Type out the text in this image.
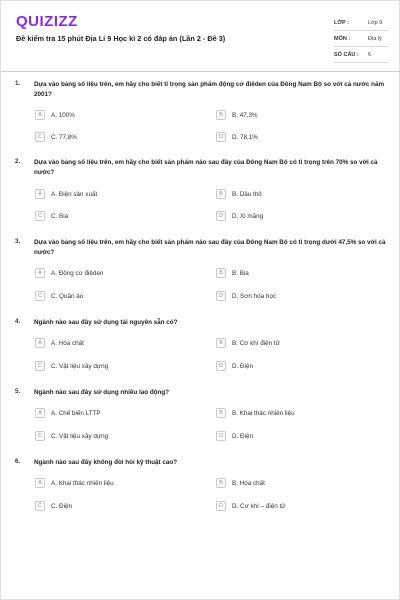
QUIZIZZ
Đề kiểm tra 15 phút Địa Lí 9 Học kì 2 có đáp án (Lần 2 - Đề 3)
LỚP :	Lớp 9
MÔN :	Địa lý
SỐ CÂU :	6
1. Dựa vào bảng số liệu trên, em hãy cho biết tỉ trọng sản phẩm động cơ điêden của Đông Nam Bộ so với cả nước năm 2001?
A	A. 100%	B	B. 47,3%
C	C. 77,8%	D	D. 78,1%
2. Dựa vào bảng số liệu trên, em hãy cho biết sản phẩm nào sau đây của Đông Nam Bộ có tỉ trọng trên 70% so với cả nước?
A	A. Điện sản xuất	B	B. Dầu thô
C	C. Bia	D	D. Xi măng
3. Dựa vào bảng số liệu trên, em hãy cho biết sản phẩm nào sau đây của Đông Nam Bộ có tỉ trọng dưới 47,5% so với cả nước?
A	A. Động cơ điêden	B	B. Bia
C	C. Quần áo	D	D. Sơn hóa học
4. Ngành nào sau đây sử dụng tài nguyên sẵn có?
A	A. Hóa chất	B	B. Cơ khí điện tử
C	C. Vật liệu xây dựng	D	D. Điện
5. Ngành nào sau đây sử dụng nhiều lao động?
A	A. Chế biến LTTP	B	B. Khai thác nhiên liệu
C	C. Vật liệu xây dựng	D	D. Điện
6. Ngành nào sau đây không đòi hỏi kỹ thuật cao?
A	A. Khai thác nhiên liệu	B	B. Hóa chất
C	C. Điện	D	D. Cơ khí – điện tử
